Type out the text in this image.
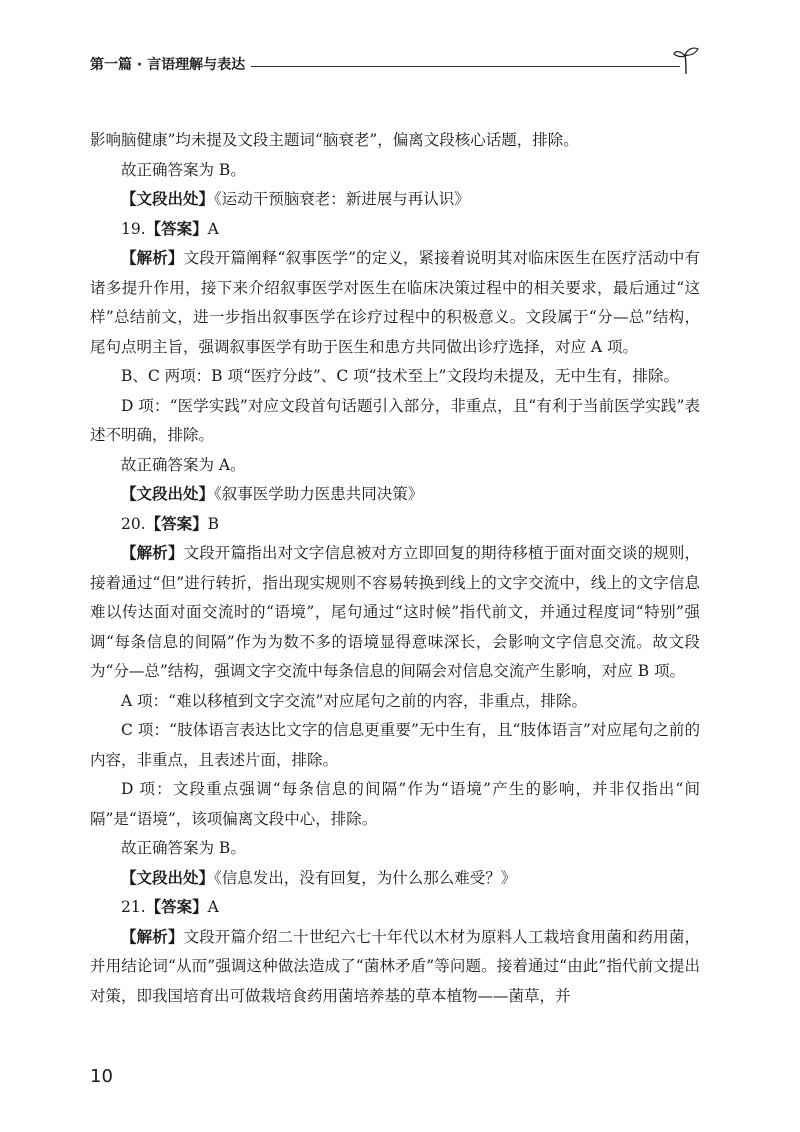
第一篇 · 言语理解与表达

影响脑健康”均未提及文段主题词“脑衰老”，偏离文段核心话题，排除。

故正确答案为 B。

【文段出处】《运动干预脑衰老：新进展与再认识》

19.【答案】A

【解析】文段开篇阐释“叙事医学”的定义，紧接着说明其对临床医生在医疗活动中有诸多提升作用，接下来介绍叙事医学对医生在临床决策过程中的相关要求，最后通过“这样”总结前文，进一步指出叙事医学在诊疗过程中的积极意义。文段属于“分—总”结构，尾句点明主旨，强调叙事医学有助于医生和患方共同做出诊疗选择，对应 A 项。

B、C 两项：B 项“医疗分歧”、C 项“技术至上”文段均未提及，无中生有，排除。

D 项：“医学实践”对应文段首句话题引入部分，非重点，且“有利于当前医学实践”表述不明确，排除。

故正确答案为 A。

【文段出处】《叙事医学助力医患共同决策》

20.【答案】B

【解析】文段开篇指出对文字信息被对方立即回复的期待移植于面对面交谈的规则，接着通过“但”进行转折，指出现实规则不容易转换到线上的文字交流中，线上的文字信息难以传达面对面交流时的“语境”，尾句通过“这时候”指代前文，并通过程度词“特别”强调“每条信息的间隔”作为为数不多的语境显得意味深长，会影响文字信息交流。故文段为“分—总”结构，强调文字交流中每条信息的间隔会对信息交流产生影响，对应 B 项。

A 项：“难以移植到文字交流”对应尾句之前的内容，非重点，排除。

C 项：“肢体语言表达比文字的信息更重要”无中生有，且“肢体语言”对应尾句之前的内容，非重点，且表述片面，排除。

D 项：文段重点强调“每条信息的间隔”作为“语境”产生的影响，并非仅指出“间隔”是“语境”，该项偏离文段中心，排除。

故正确答案为 B。

【文段出处】《信息发出，没有回复，为什么那么难受？》

21.【答案】A

【解析】文段开篇介绍二十世纪六七十年代以木材为原料人工栽培食用菌和药用菌，并用结论词“从而”强调这种做法造成了“菌林矛盾”等问题。接着通过“由此”指代前文提出对策，即我国培育出可做栽培食药用菌培养基的草本植物——菌草，并

10
